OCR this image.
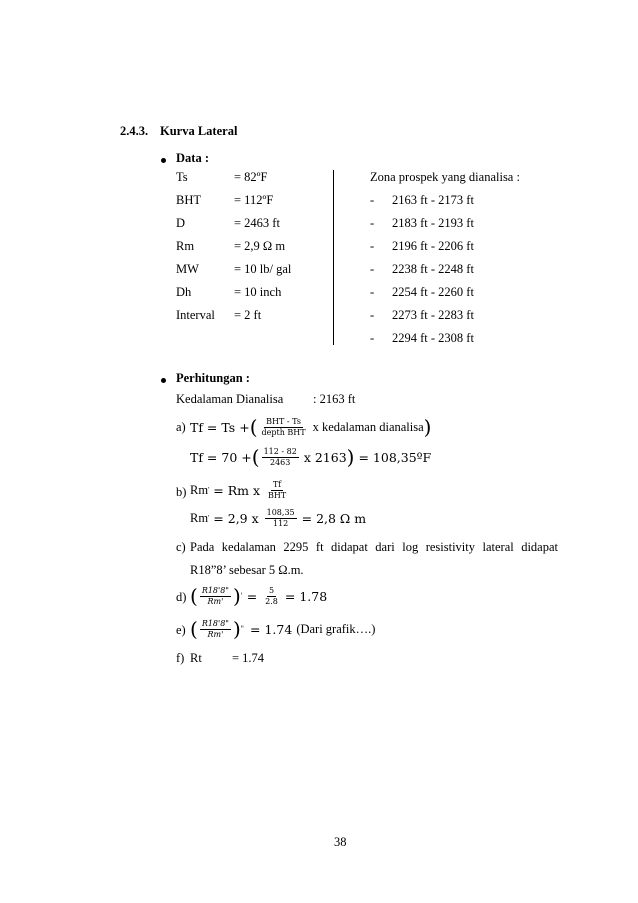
2.4.3. Kurva Lateral
Data :
Ts	= 82ºF
BHT	= 112ºF
D	= 2463 ft
Rm	= 2,9 Ω m
MW	= 10 lb/ gal
Dh	= 10 inch
Interval = 2 ft
Zona prospek yang dianalisa :
- 2163 ft - 2173 ft
- 2183 ft - 2193 ft
- 2196 ft - 2206 ft
- 2238 ft - 2248 ft
- 2254 ft - 2260 ft
- 2273 ft - 2283 ft
- 2294 ft - 2308 ft
Perhitungan :
Kedalaman Dianalisa : 2163 ft
a) Tf = Ts + ( $\frac{\text{BHT - Ts}}{\text{depth BHT}}$ x kedalaman dianalisa )
Tf = 70 + ( $\frac{112 - 82}{2463}$ x 2163 ) = 108,35ºF
b) Rm ' = Rm x $\frac{Tf}{\text{BHT}}$
Rm ' = 2,9 x $\frac{108,35}{112} = 2,8$ Ω m
c) Pada kedalaman 2295 ft didapat dari log resistivity lateral didapat
R18”8’ sebesar 5 Ω.m.
d) ( $\frac{R18'8"}{Rm'}$ ) ' = $\frac{5}{2.8} = 1.78$
e) ( $\frac{R18'8"}{Rm'}$ ) " = 1.74 (Dari grafik….)
f) Rt = 1.74
38
